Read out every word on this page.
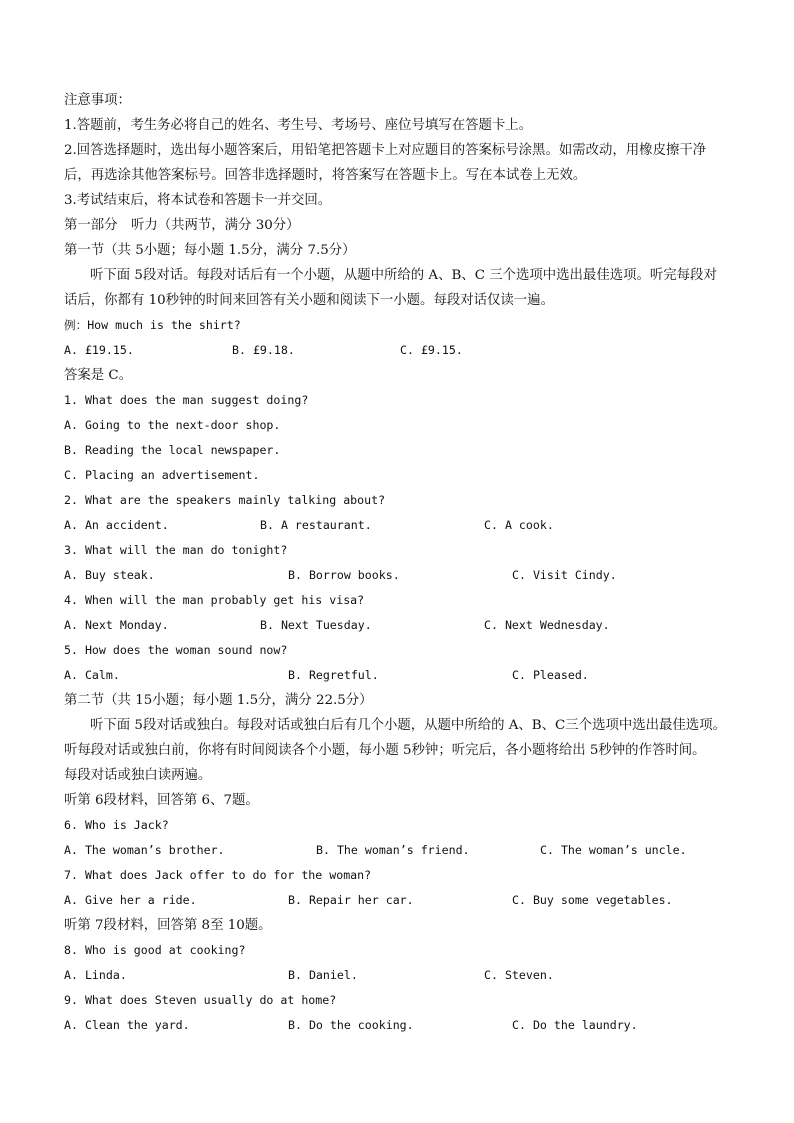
注意事项：
1.答题前，考生务必将自己的姓名、考生号、考场号、座位号填写在答题卡上。
2.回答选择题时，选出每小题答案后，用铅笔把答题卡上对应题目的答案标号涂黑。如需改动，用橡皮擦干净
后，再选涂其他答案标号。回答非选择题时，将答案写在答题卡上。写在本试卷上无效。
3.考试结束后，将本试卷和答题卡一并交回。
第一部分　听力（共两节，满分 30分）
第一节（共 5小题；每小题 1.5分，满分 7.5分）
听下面 5段对话。每段对话后有一个小题，从题中所给的 A、B、C 三个选项中选出最佳选项。听完每段对
话后，你都有 10秒钟的时间来回答有关小题和阅读下一小题。每段对话仅读一遍。
例：How much is the shirt?
A. £19.15.	B. £9.18.	C. £9.15.
答案是 C。
1. What does the man suggest doing?
A. Going to the next-door shop.
B. Reading the local newspaper.
C. Placing an advertisement.
2. What are the speakers mainly talking about?
A. An accident.	B. A restaurant.	C. A cook.
3. What will the man do tonight?
A. Buy steak.	B. Borrow books.	C. Visit Cindy.
4. When will the man probably get his visa?
A. Next Monday.	B. Next Tuesday.	C. Next Wednesday.
5. How does the woman sound now?
A. Calm.	B. Regretful.	C. Pleased.
第二节（共 15小题；每小题 1.5分，满分 22.5分）
听下面 5段对话或独白。每段对话或独白后有几个小题，从题中所给的 A、B、C三个选项中选出最佳选项。
听每段对话或独白前，你将有时间阅读各个小题，每小题 5秒钟；听完后，各小题将给出 5秒钟的作答时间。
每段对话或独白读两遍。
听第 6段材料，回答第 6、7题。
6. Who is Jack?
A. The woman’s brother.	B. The woman’s friend.	C. The woman’s uncle.
7. What does Jack offer to do for the woman?
A. Give her a ride.	B. Repair her car.	C. Buy some vegetables.
听第 7段材料，回答第 8至 10题。
8. Who is good at cooking?
A. Linda.	B. Daniel.	C. Steven.
9. What does Steven usually do at home?
A. Clean the yard.	B. Do the cooking.	C. Do the laundry.
